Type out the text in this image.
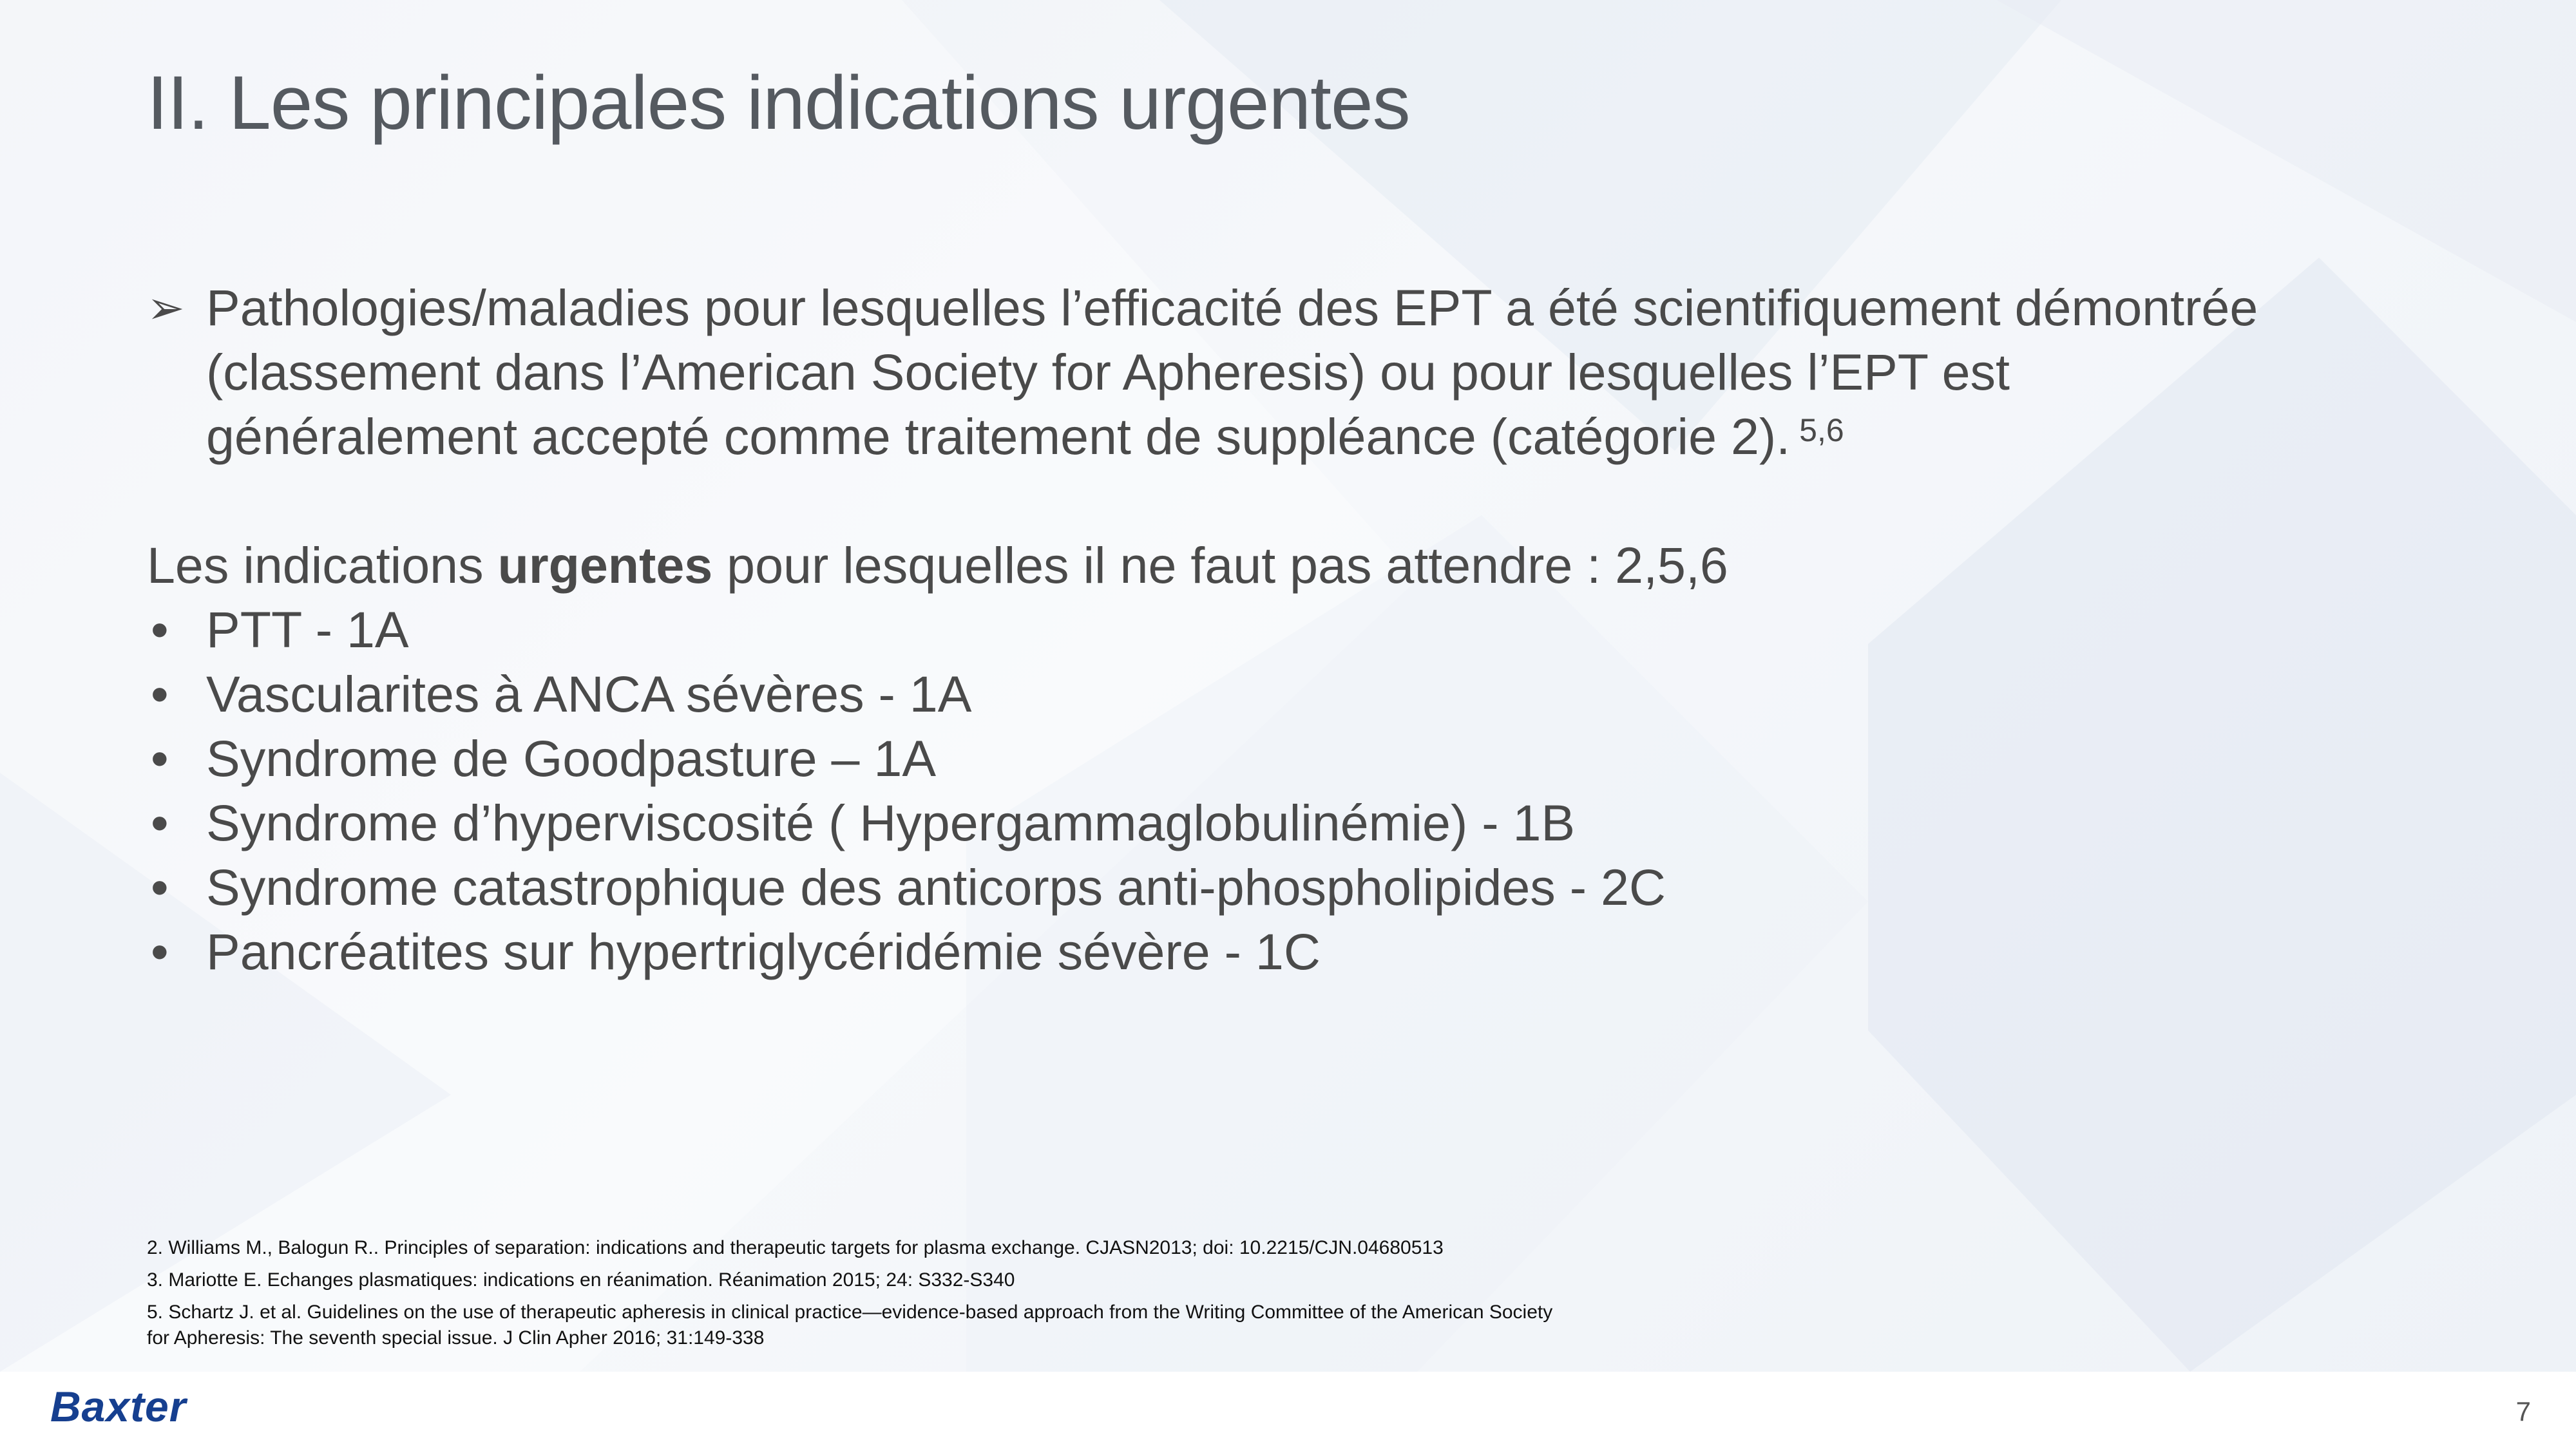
II. Les principales indications urgentes
➢ Pathologies/maladies pour lesquelles l’efficacité des EPT a été scientifiquement démontrée
(classement dans l’American Society for Apheresis) ou pour lesquelles l’EPT est
généralement accepté comme traitement de suppléance (catégorie 2). $^{5,6}$
Les indications urgentes pour lesquelles il ne faut pas attendre : 2,5,6
• PTT - 1A
• Vascularites à ANCA sévères - 1A
• Syndrome de Goodpasture – 1A
• Syndrome d’hyperviscosité ( Hypergammaglobulinémie) - 1B
• Syndrome catastrophique des anticorps anti-phospholipides - 2C
• Pancréatites sur hypertriglycéridémie sévère - 1C
2. Williams M., Balogun R.. Principles of separation: indications and therapeutic targets for plasma exchange. CJASN2013; doi: 10.2215/CJN.04680513
3. Mariotte E. Echanges plasmatiques: indications en réanimation. Réanimation 2015; 24: S332-S340
5. Schartz J. et al. Guidelines on the use of therapeutic apheresis in clinical practice—evidence-based approach from the Writing Committee of the American Society
for Apheresis: The seventh special issue. J Clin Apher 2016; 31:149-338
Baxter	7
